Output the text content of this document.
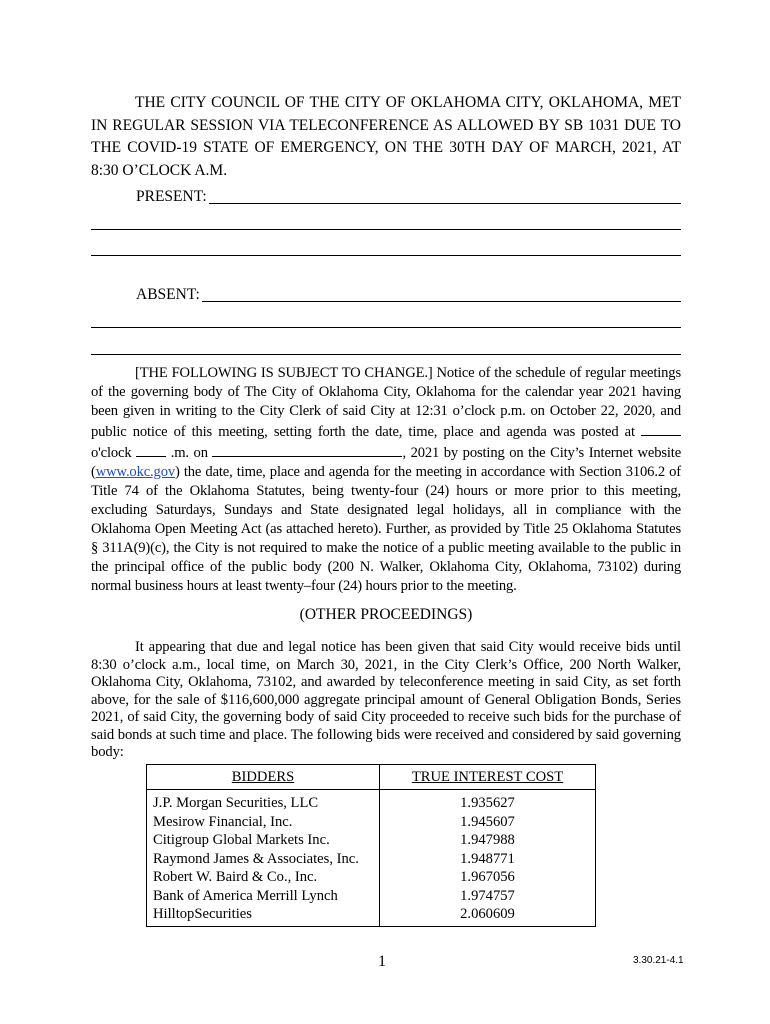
THE CITY COUNCIL OF THE CITY OF OKLAHOMA CITY, OKLAHOMA, MET IN REGULAR SESSION VIA TELECONFERENCE AS ALLOWED BY SB 1031 DUE TO THE COVID-19 STATE OF EMERGENCY, ON THE 30TH DAY OF MARCH, 2021, AT 8:30 O’CLOCK A.M.

PRESENT:
ABSENT:

[THE FOLLOWING IS SUBJECT TO CHANGE.] Notice of the schedule of regular meetings of the governing body of The City of Oklahoma City, Oklahoma for the calendar year 2021 having been given in writing to the City Clerk of said City at 12:31 o’clock p.m. on October 22, 2020, and public notice of this meeting, setting forth the date, time, place and agenda was posted at  o'clock	.m. on	, 2021 by posting on the City’s Internet website (www.okc.gov) the date, time, place and agenda for the meeting in accordance with Section 3106.2 of Title 74 of the Oklahoma Statutes, being twenty-four (24) hours or more prior to this meeting, excluding Saturdays, Sundays and State designated legal holidays, all in compliance with the Oklahoma Open Meeting Act (as attached hereto). Further, as provided by Title 25 Oklahoma Statutes § 311A(9)(c), the City is not required to make the notice of a public meeting available to the public in the principal office of the public body (200 N. Walker, Oklahoma City, Oklahoma, 73102) during normal business hours at least twenty–four (24) hours prior to the meeting.

(OTHER PROCEEDINGS)

It appearing that due and legal notice has been given that said City would receive bids until 8:30 o’clock a.m., local time, on March 30, 2021, in the City Clerk’s Office, 200 North Walker, Oklahoma City, Oklahoma, 73102, and awarded by teleconference meeting in said City, as set forth above, for the sale of $116,600,000 aggregate principal amount of General Obligation Bonds, Series 2021, of said City, the governing body of said City proceeded to receive such bids for the purchase of said bonds at such time and place. The following bids were received and considered by said governing body:

BIDDERS	TRUE INTEREST COST
J.P. Morgan Securities, LLC	1.935627
Mesirow Financial, Inc.	1.945607
Citigroup Global Markets Inc.	1.947988
Raymond James & Associates, Inc.	1.948771
Robert W. Baird & Co., Inc.	1.967056
Bank of America Merrill Lynch	1.974757
HilltopSecurities	2.060609
1	3.30.21-4.1
